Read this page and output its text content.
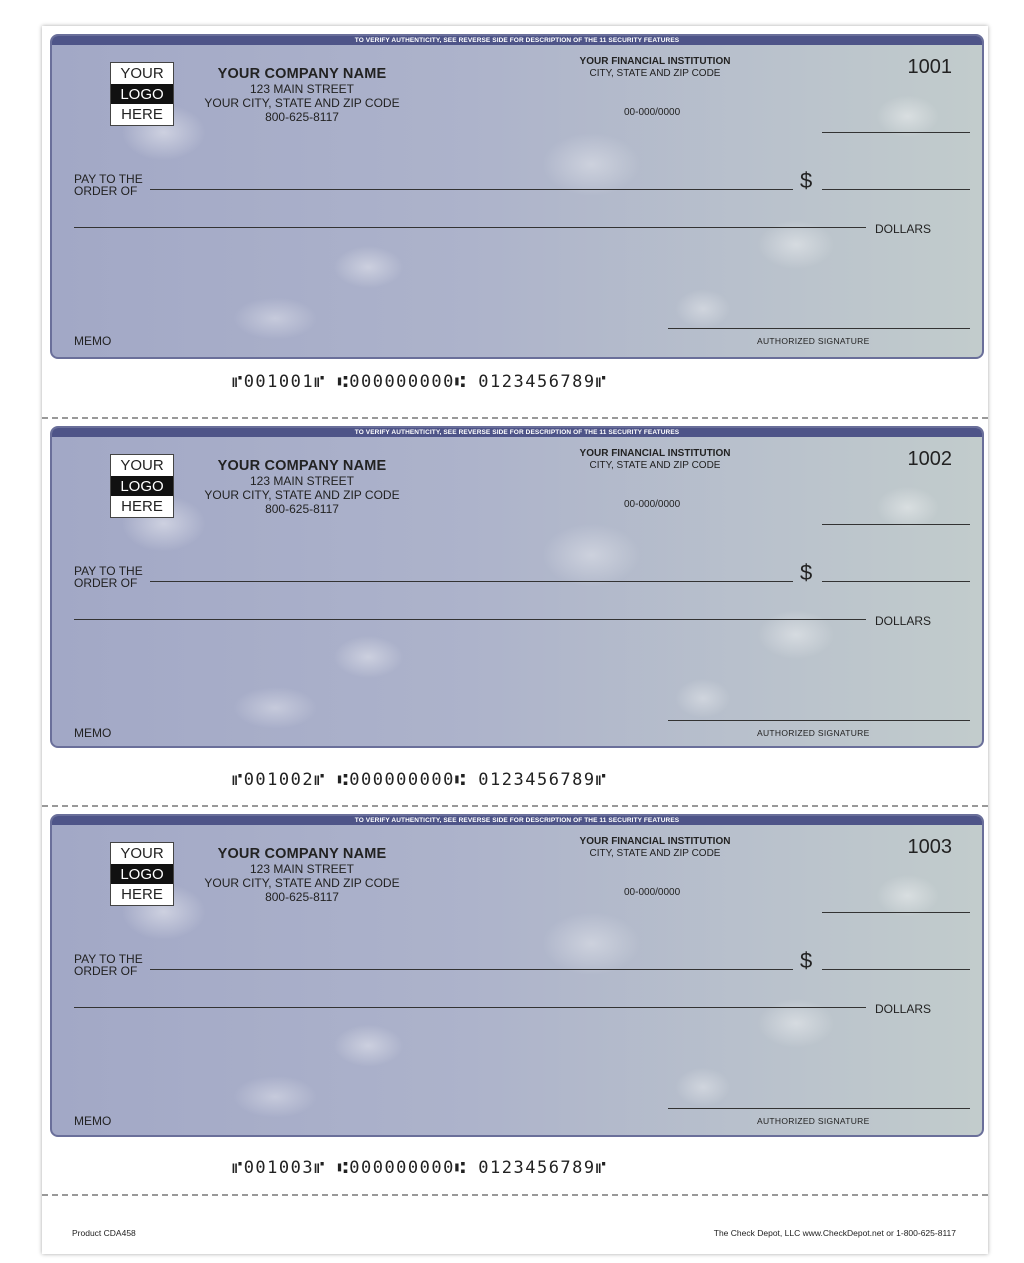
TO VERIFY AUTHENTICITY, SEE REVERSE SIDE FOR DESCRIPTION OF THE 11 SECURITY FEATURES
YOUR
LOGO
HERE
YOUR COMPANY NAME
123 MAIN STREET
YOUR CITY, STATE AND ZIP CODE
800-625-8117
YOUR FINANCIAL INSTITUTION
CITY, STATE AND ZIP CODE
00-000/0000
1001
PAY TO THE
ORDER OF	$
DOLLARS
MEMO	AUTHORIZED SIGNATURE
⑈001001⑈ ⑆000000000⑆ 0123456789⑈
TO VERIFY AUTHENTICITY, SEE REVERSE SIDE FOR DESCRIPTION OF THE 11 SECURITY FEATURES
YOUR
LOGO
HERE
YOUR COMPANY NAME
123 MAIN STREET
YOUR CITY, STATE AND ZIP CODE
800-625-8117
YOUR FINANCIAL INSTITUTION
CITY, STATE AND ZIP CODE
00-000/0000
1002
PAY TO THE
ORDER OF	$
DOLLARS
MEMO	AUTHORIZED SIGNATURE
⑈001002⑈ ⑆000000000⑆ 0123456789⑈
TO VERIFY AUTHENTICITY, SEE REVERSE SIDE FOR DESCRIPTION OF THE 11 SECURITY FEATURES
YOUR
LOGO
HERE
YOUR COMPANY NAME
123 MAIN STREET
YOUR CITY, STATE AND ZIP CODE
800-625-8117
YOUR FINANCIAL INSTITUTION
CITY, STATE AND ZIP CODE
00-000/0000
1003
PAY TO THE
ORDER OF	$
DOLLARS
MEMO	AUTHORIZED SIGNATURE
⑈001003⑈ ⑆000000000⑆ 0123456789⑈
Product CDA458	The Check Depot, LLC www.CheckDepot.net or 1-800-625-8117
